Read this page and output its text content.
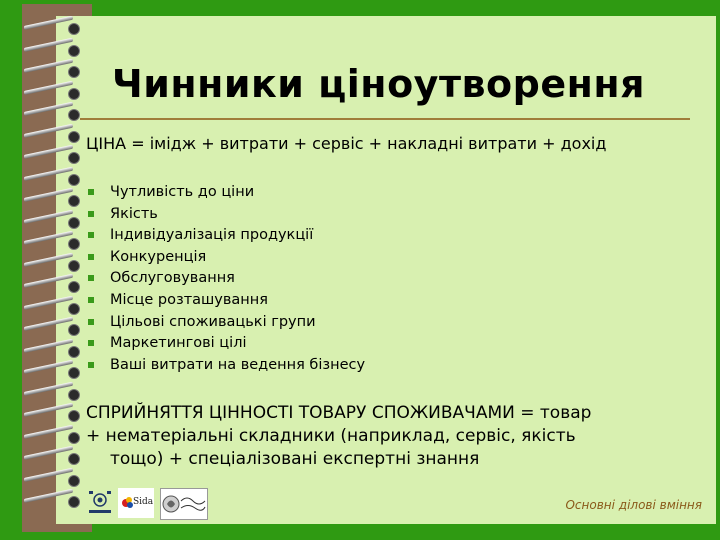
Чинники ціноутворення
ЦІНА = імідж + витрати + сервіс + накладні витрати + дохід
Чутливість до ціни
Якість
Індивідуалізація продукції
Конкуренція
Обслуговування
Місце розташування
Цільові споживацькі групи
Маркетингові цілі
Ваші витрати на ведення бізнесу
СПРИЙНЯТТЯ ЦІННОСТІ ТОВАРУ СПОЖИВАЧАМИ = товар
+ нематеріальні складники (наприклад, сервіс, якість
тощо) + спеціалізовані експертні знання
Sida	Основні ділові вміння
